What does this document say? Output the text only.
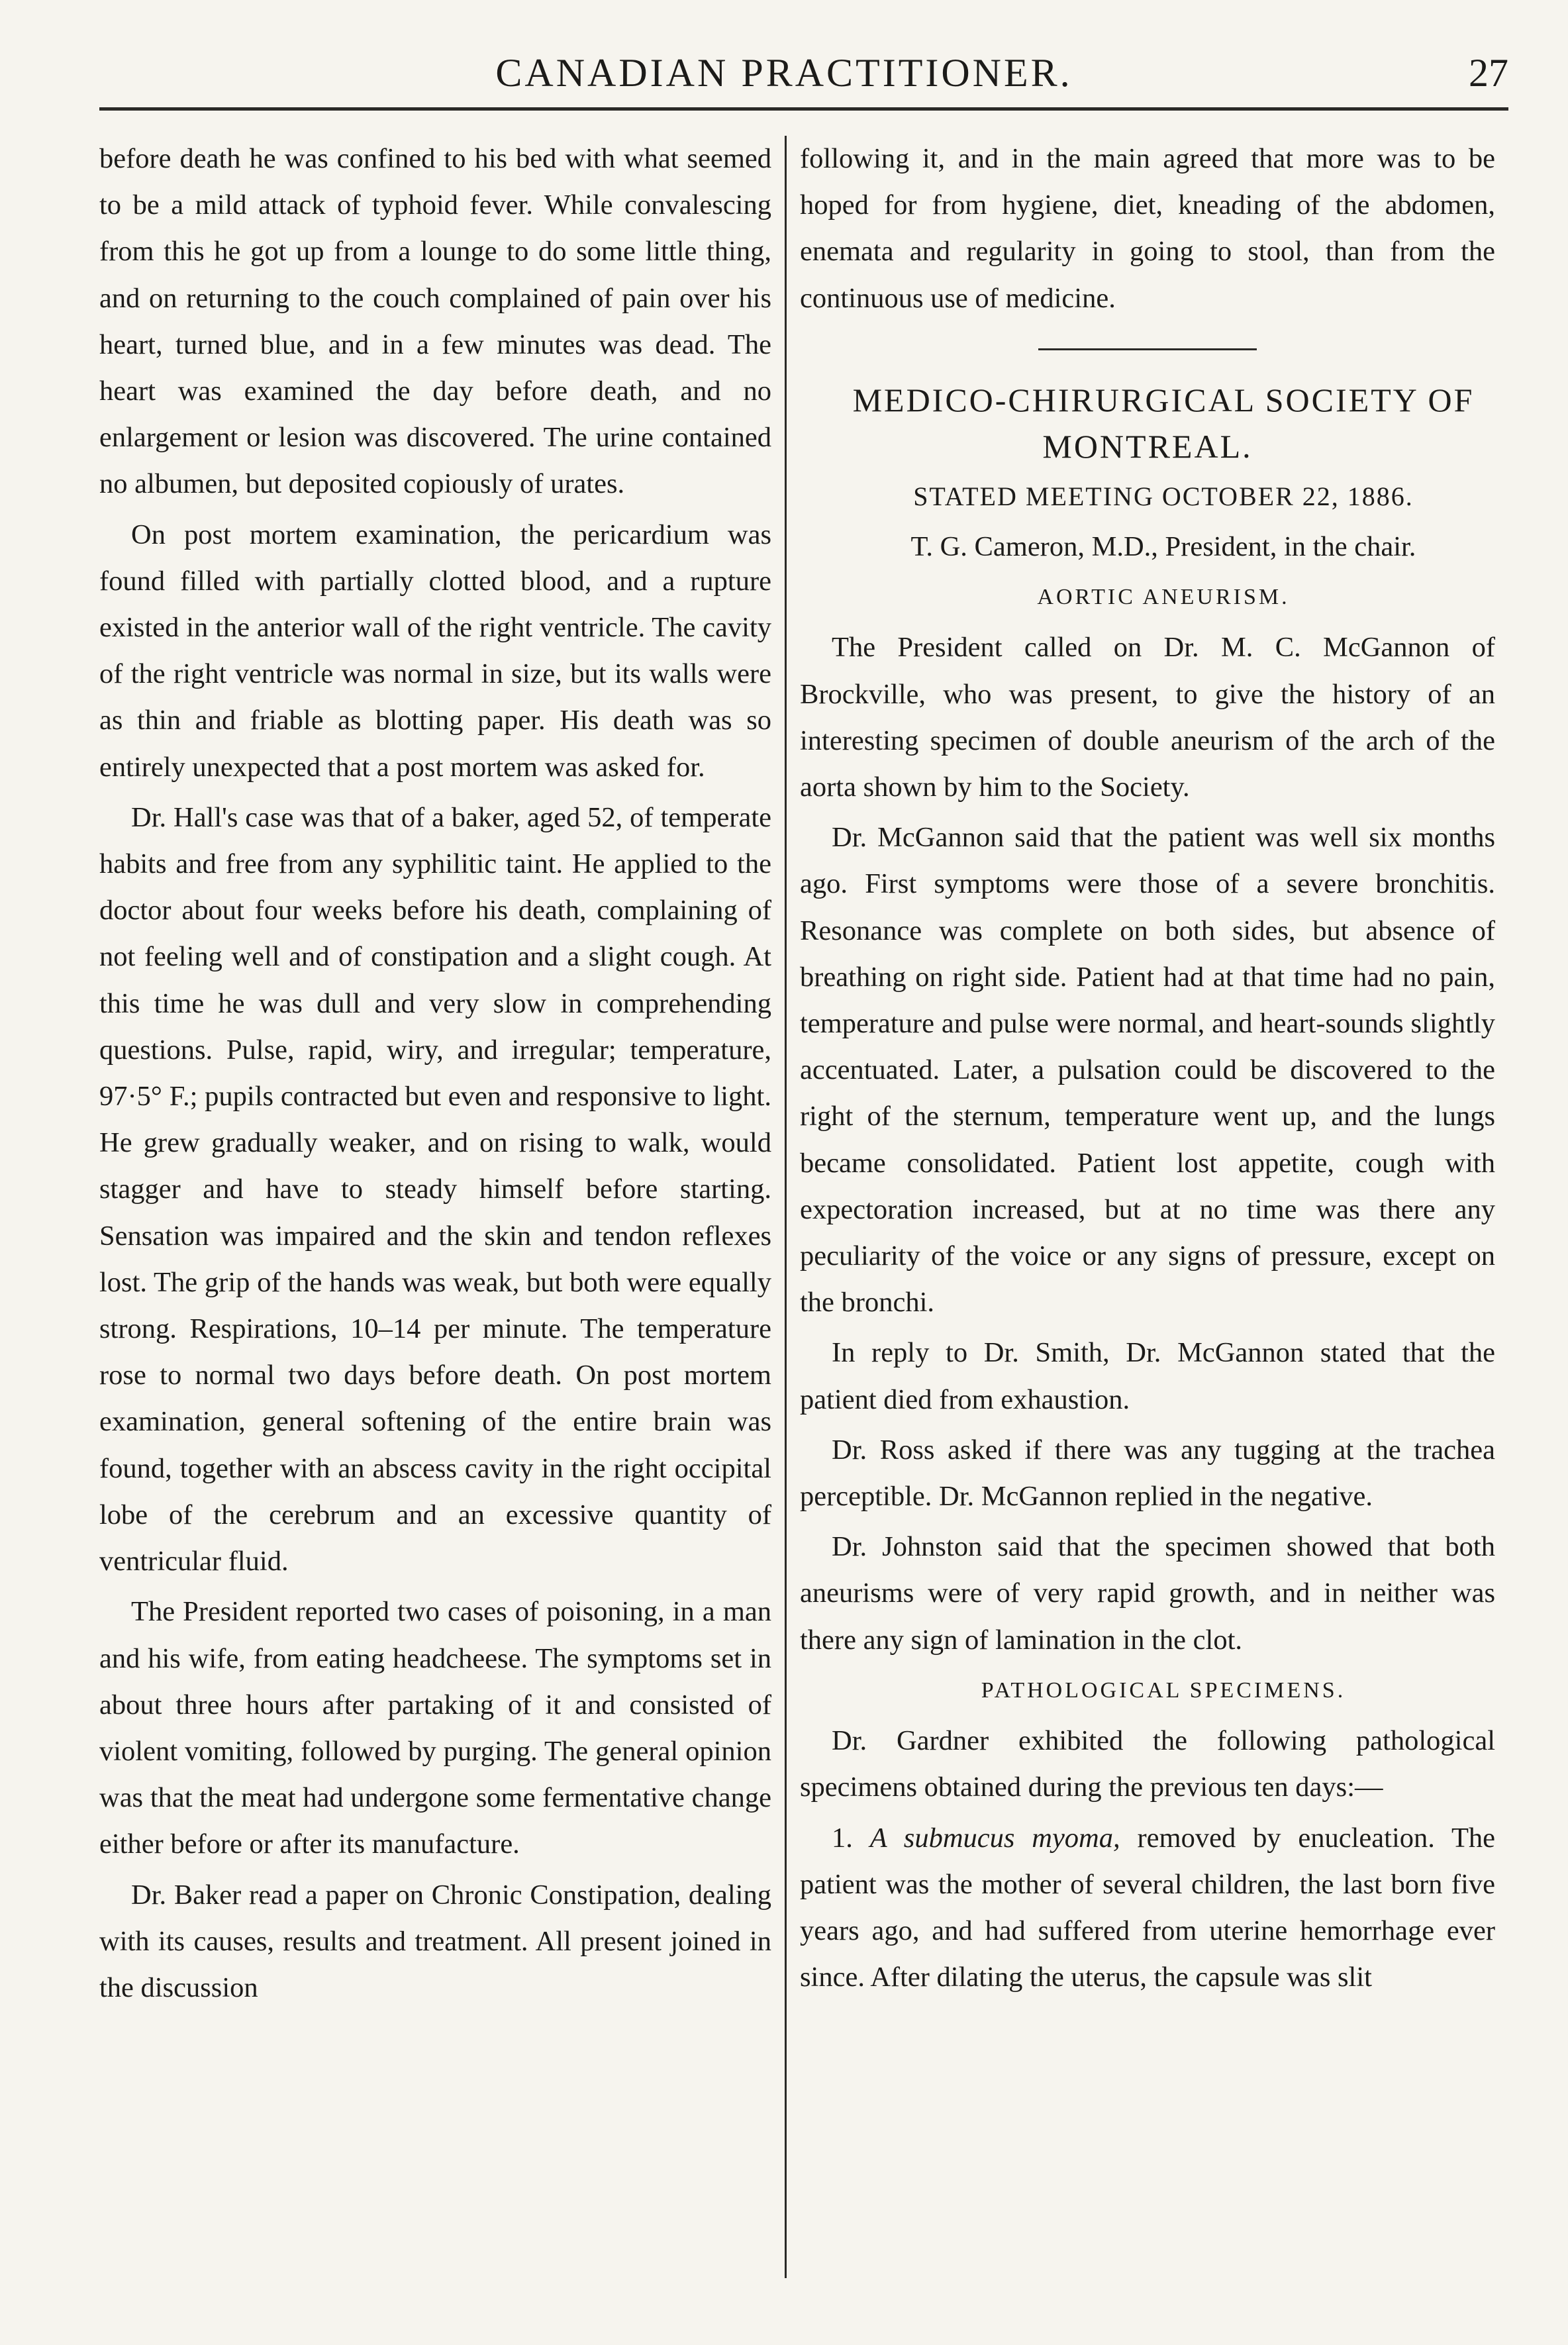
CANADIAN PRACTITIONER.	27

before death he was confined to his bed with what seemed to be a mild attack of typhoid fever. While convalescing from this he got up from a lounge to do some little thing, and on returning to the couch complained of pain over his heart, turned blue, and in a few minutes was dead. The heart was examined the day before death, and no enlargement or lesion was discovered. The urine contained no albumen, but deposited copiously of urates.

On post mortem examination, the pericardium was found filled with partially clotted blood, and a rupture existed in the anterior wall of the right ventricle. The cavity of the right ventricle was normal in size, but its walls were as thin and friable as blotting paper. His death was so entirely unexpected that a post mortem was asked for.

Dr. Hall's case was that of a baker, aged 52, of temperate habits and free from any syphilitic taint. He applied to the doctor about four weeks before his death, complaining of not feeling well and of constipation and a slight cough. At this time he was dull and very slow in comprehending questions. Pulse, rapid, wiry, and irregular; temperature, 97·5° F.; pupils contracted but even and responsive to light. He grew gradually weaker, and on rising to walk, would stagger and have to steady himself before starting. Sensation was impaired and the skin and tendon reflexes lost. The grip of the hands was weak, but both were equally strong. Respirations, 10–14 per minute. The temperature rose to normal two days before death. On post mortem examination, general softening of the entire brain was found, together with an abscess cavity in the right occipital lobe of the cerebrum and an excessive quantity of ventricular fluid.

The President reported two cases of poisoning, in a man and his wife, from eating headcheese. The symptoms set in about three hours after partaking of it and consisted of violent vomiting, followed by purging. The general opinion was that the meat had undergone some fermentative change either before or after its manufacture.

Dr. Baker read a paper on Chronic Constipation, dealing with its causes, results and treatment. All present joined in the discussion

following it, and in the main agreed that more was to be hoped for from hygiene, diet, kneading of the abdomen, enemata and regularity in going to stool, than from the continuous use of medicine.

MEDICO-CHIRURGICAL SOCIETY OF MONTREAL.

STATED MEETING OCTOBER 22, 1886.

T. G. Cameron, M.D., President, in the chair.

AORTIC ANEURISM.

The President called on Dr. M. C. McGannon of Brockville, who was present, to give the history of an interesting specimen of double aneurism of the arch of the aorta shown by him to the Society.

Dr. McGannon said that the patient was well six months ago. First symptoms were those of a severe bronchitis. Resonance was complete on both sides, but absence of breathing on right side. Patient had at that time had no pain, temperature and pulse were normal, and heart-sounds slightly accentuated. Later, a pulsation could be discovered to the right of the sternum, temperature went up, and the lungs became consolidated. Patient lost appetite, cough with expectoration increased, but at no time was there any peculiarity of the voice or any signs of pressure, except on the bronchi.

In reply to Dr. Smith, Dr. McGannon stated that the patient died from exhaustion.

Dr. Ross asked if there was any tugging at the trachea perceptible. Dr. McGannon replied in the negative.

Dr. Johnston said that the specimen showed that both aneurisms were of very rapid growth, and in neither was there any sign of lamination in the clot.

PATHOLOGICAL SPECIMENS.

Dr. Gardner exhibited the following pathological specimens obtained during the previous ten days:—

1. A submucus myoma, removed by enucleation. The patient was the mother of several children, the last born five years ago, and had suffered from uterine hemorrhage ever since. After dilating the uterus, the capsule was slit
